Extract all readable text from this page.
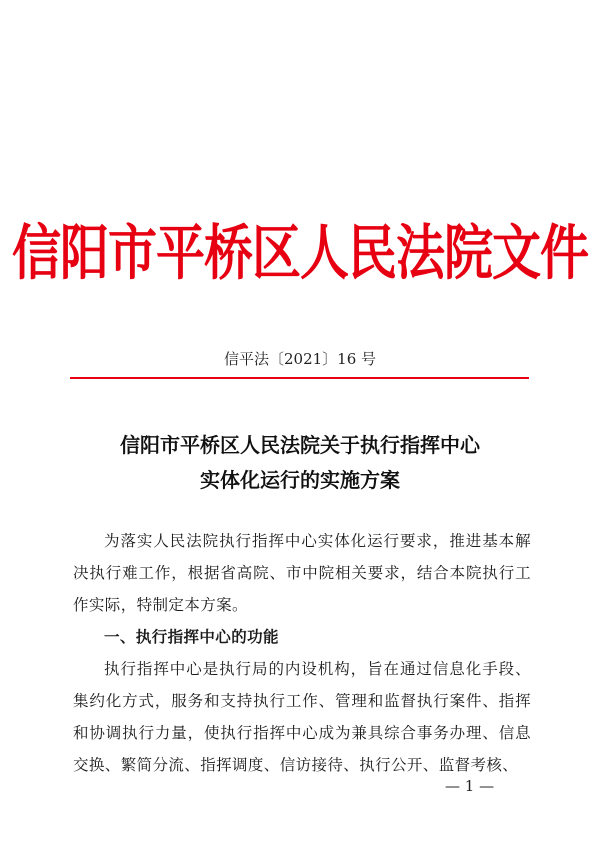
信阳市平桥区人民法院文件
信平法〔2021〕16 号
信阳市平桥区人民法院关于执行指挥中心
实体化运行的实施方案

为落实人民法院执行指挥中心实体化运行要求，推进基本解决执行难工作，根据省高院、市中院相关要求，结合本院执行工作实际，特制定本方案。

一、执行指挥中心的功能

执行指挥中心是执行局的内设机构，旨在通过信息化手段、集约化方式，服务和支持执行工作、管理和监督执行案件、指挥和协调执行力量，使执行指挥中心成为兼具综合事务办理、信息交换、繁简分流、指挥调度、信访接待、执行公开、监督考核、

— 1 —
